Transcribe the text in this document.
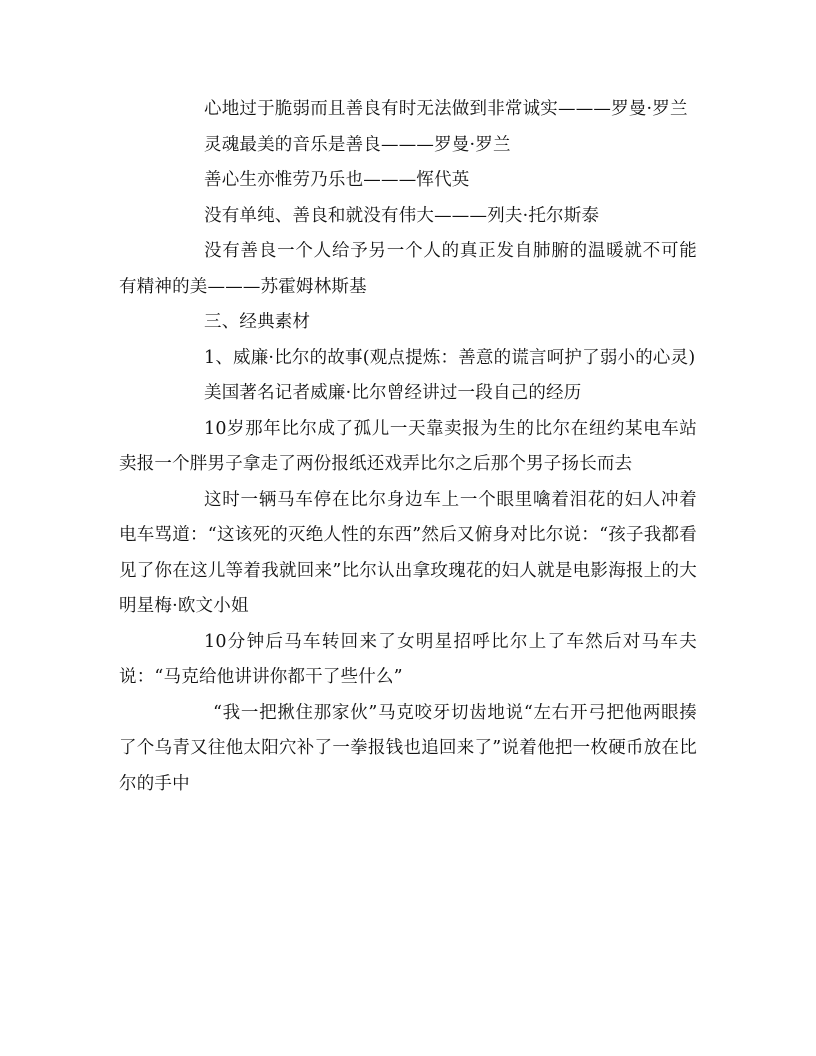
心地过于脆弱而且善良有时无法做到非常诚实———罗曼·罗兰

灵魂最美的音乐是善良———罗曼·罗兰

善心生亦惟劳乃乐也———恽代英

没有单纯、善良和就没有伟大———列夫·托尔斯泰

没有善良一个人给予另一个人的真正发自肺腑的温暖就不可能有精神的美———苏霍姆林斯基

三、经典素材

1、威廉·比尔的故事(观点提炼：善意的谎言呵护了弱小的心灵)

美国著名记者威廉·比尔曾经讲过一段自己的经历

10岁那年比尔成了孤儿一天靠卖报为生的比尔在纽约某电车站卖报一个胖男子拿走了两份报纸还戏弄比尔之后那个男子扬长而去

这时一辆马车停在比尔身边车上一个眼里噙着泪花的妇人冲着电车骂道：“这该死的灭绝人性的东西”然后又俯身对比尔说：“孩子我都看见了你在这儿等着我就回来”比尔认出拿玫瑰花的妇人就是电影海报上的大明星梅·欧文小姐

10分钟后马车转回来了女明星招呼比尔上了车然后对马车夫说：“马克给他讲讲你都干了些什么”

“我一把揪住那家伙”马克咬牙切齿地说“左右开弓把他两眼揍了个乌青又往他太阳穴补了一拳报钱也追回来了”说着他把一枚硬币放在比尔的手中
